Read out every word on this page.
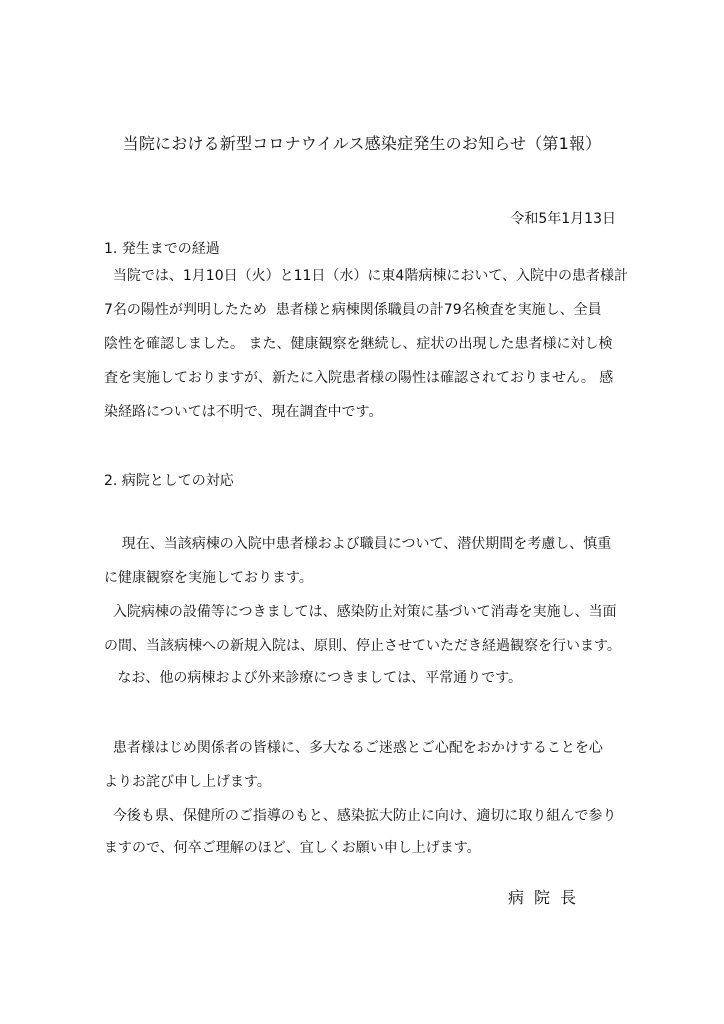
当院における新型コロナウイルス感染症発生のお知らせ（第1報）
令和5年1月13日
1. 発生までの経過
当院では、1月10日（火）と11日（水）に東4階病棟において、入院中の患者様計
7名の陽性が判明したため  患者様と病棟関係職員の計79名検査を実施し、全員
陰性を確認しました。 また、健康観察を継続し、症状の出現した患者様に対し検
査を実施しておりますが、新たに入院患者様の陽性は確認されておりません。 感
染経路については不明で、現在調査中です。
2. 病院としての対応
現在、当該病棟の入院中患者様および職員について、潜伏期間を考慮し、慎重
に健康観察を実施しております。
入院病棟の設備等につきましては、感染防止対策に基づいて消毒を実施し、当面
の間、当該病棟への新規入院は、原則、停止させていただき経過観察を行います。
なお、他の病棟および外来診療につきましては、平常通りです。
患者様はじめ関係者の皆様に、多大なるご迷惑とご心配をおかけすることを心
よりお詫び申し上げます。
今後も県、保健所のご指導のもと、感染拡大防止に向け、適切に取り組んで参り
ますので、何卒ご理解のほど、宜しくお願い申し上げます。
病院長
